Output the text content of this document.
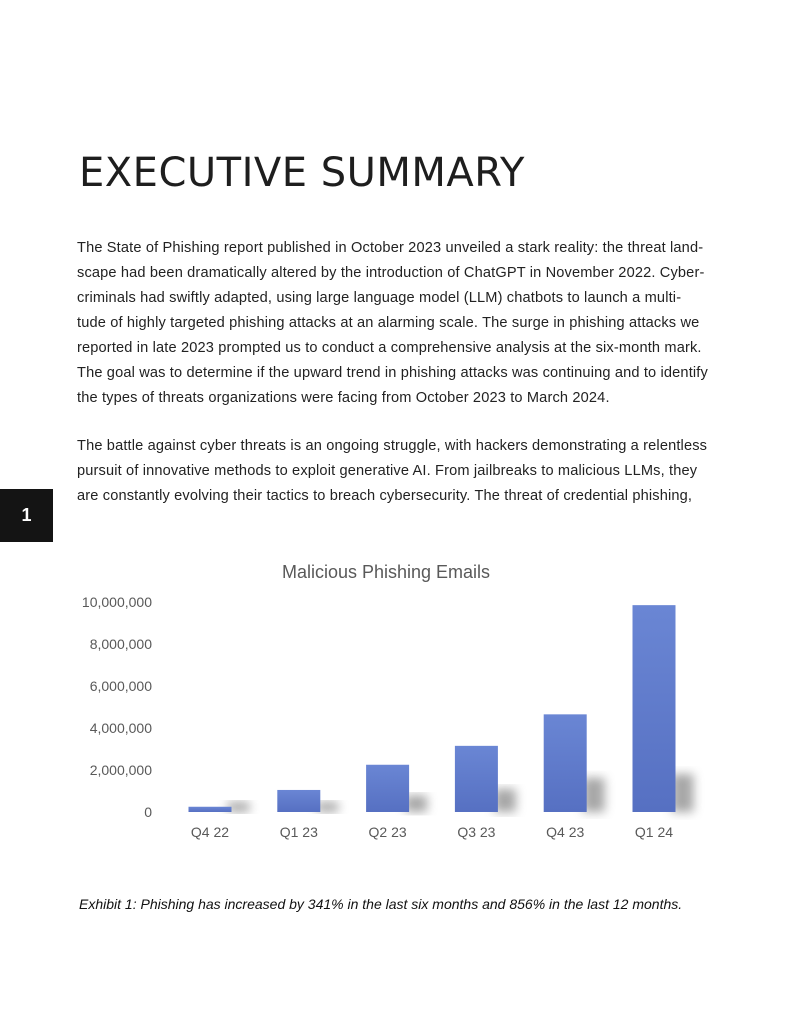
EXECUTIVE SUMMARY
The State of Phishing report published in October 2023 unveiled a stark reality: the threat land-
scape had been dramatically altered by the introduction of ChatGPT in November 2022. Cyber-
criminals had swiftly adapted, using large language model (LLM) chatbots to launch a multi-
tude of highly targeted phishing attacks at an alarming scale. The surge in phishing attacks we
reported in late 2023 prompted us to conduct a comprehensive analysis at the six-month mark.
The goal was to determine if the upward trend in phishing attacks was continuing and to identify
the types of threats organizations were facing from October 2023 to March 2024.
The battle against cyber threats is an ongoing struggle, with hackers demonstrating a relentless
pursuit of innovative methods to exploit generative AI. From jailbreaks to malicious LLMs, they
are constantly evolving their tactics to breach cybersecurity. The threat of credential phishing,
1
Malicious Phishing Emails
0
2,000,000
4,000,000
6,000,000
8,000,000
10,000,000
Q4 22	Q1 23	Q2 23	Q3 23	Q4 23	Q1 24

Exhibit 1: Phishing has increased by 341% in the last six months and 856% in the last 12 months.
